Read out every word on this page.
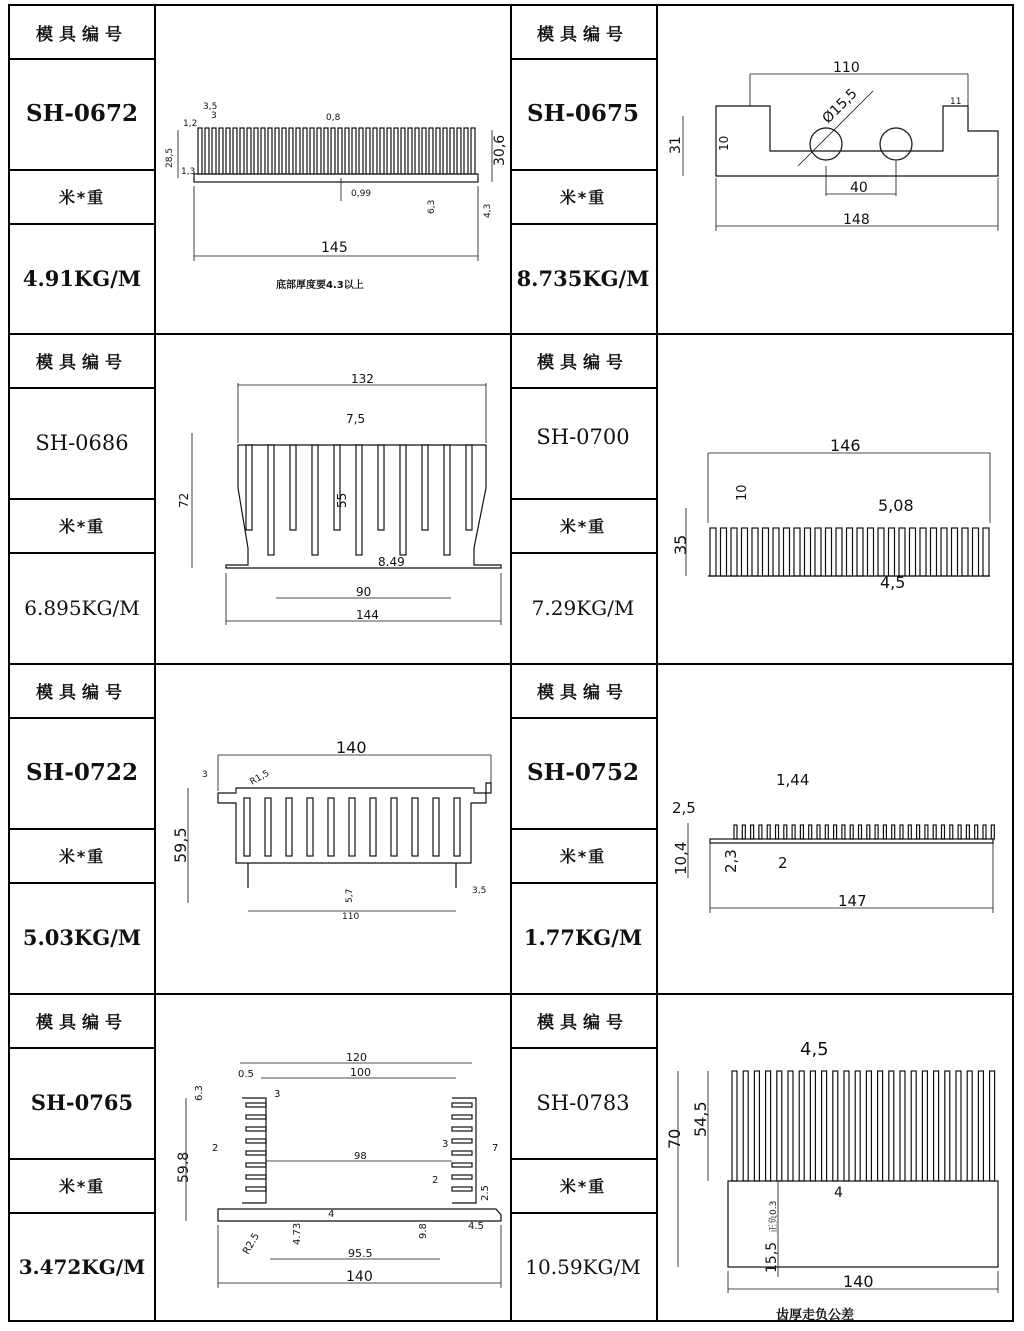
模具编号
SH-0672
米*重
4.91KG/M
145
30,6
28,5
3,5
3
1,2
0,8
1,3
0,99
6,3	4,3
底部厚度要4.3以上
模具编号
SH-0675
米*重
8.735KG/M
110
Ø15,5
40
148
31	10
11
模具编号
SH-0686
米*重
6.895KG/M
132
7,5
72	55
8.49
90
144
模具编号
SH-0700
米*重
7.29KG/M
146
35
10
5,08
4,5
模具编号
SH-0722
米*重
5.03KG/M
140
59,5
R1,5
3
5,7	3,5
110
模具编号
SH-0752
米*重
1.77KG/M
10,4
2,5
1,44
2,3	2
147
模具编号
SH-0765
米*重
3.472KG/M
120
100
0.5
3
6.3
59.8
2
98
3	7
2
2.5
4.5
9.8
4.73
4
R2.5	95.5
140
模具编号
SH-0783
米*重
10.59KG/M
70
54,5
4,5
4
15,5
正负0.3
140
齿厚走负公差
